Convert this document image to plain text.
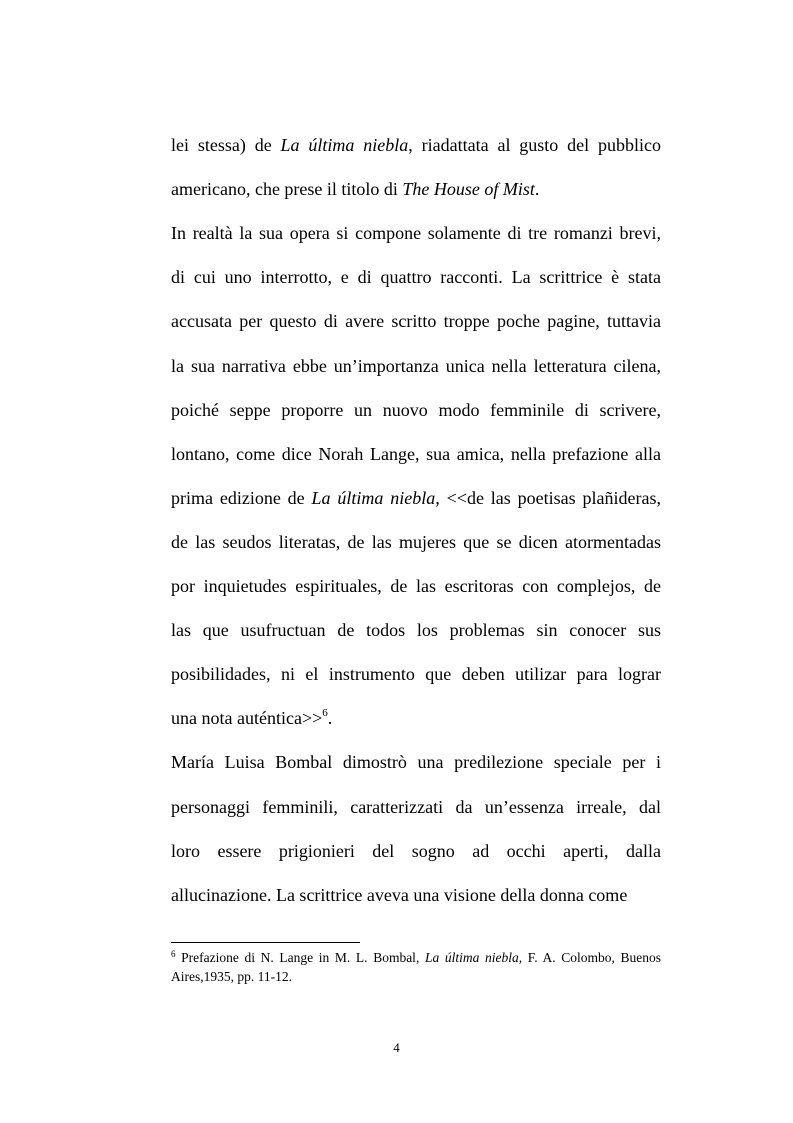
lei stessa) de La última niebla, riadattata al gusto del pubblico
americano, che prese il titolo di The House of Mist.
In realtà la sua opera si compone solamente di tre romanzi brevi,
di cui uno interrotto, e di quattro racconti. La scrittrice è stata
accusata per questo di avere scritto troppe poche pagine, tuttavia
la sua narrativa ebbe un’importanza unica nella letteratura cilena,
poiché seppe proporre un nuovo modo femminile di scrivere,
lontano, come dice Norah Lange, sua amica, nella prefazione alla
prima edizione de La última niebla, <<de las poetisas plañideras,
de las seudos literatas, de las mujeres que se dicen atormentadas
por inquietudes espirituales, de las escritoras con complejos, de
las que usufructuan de todos los problemas sin conocer sus
posibilidades, ni el instrumento que deben utilizar para lograr
una nota auténtica>>$^6$.
María Luisa Bombal dimostrò una predilezione speciale per i
personaggi femminili, caratterizzati da un’essenza irreale, dal
loro essere prigionieri del sogno ad occhi aperti, dalla
allucinazione. La scrittrice aveva una visione della donna come
$^6$ Prefazione di N. Lange in M. L. Bombal, La última niebla, F. A. Colombo, Buenos
Aires,1935, pp. 11-12.
4
